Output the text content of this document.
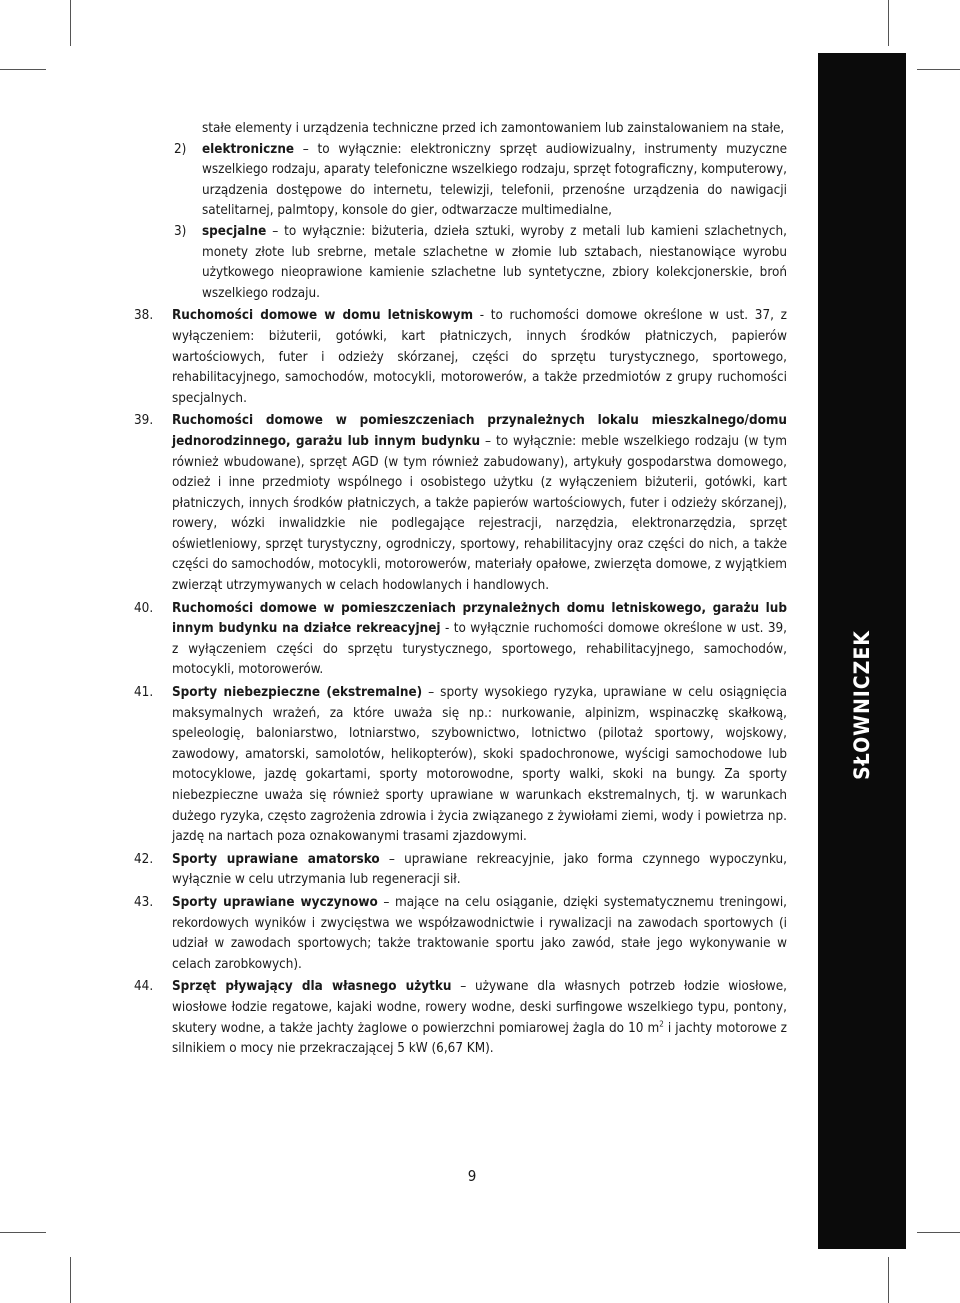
SŁOWNICZEK
stałe elementy i urządzenia techniczne przed ich zamontowaniem lub zainstalowaniem na stałe,
2) elektroniczne – to wyłącznie: elektroniczny sprzęt audiowizualny, instrumenty muzyczne wszelkiego rodzaju, aparaty telefoniczne wszelkiego rodzaju, sprzęt fotograficzny, komputerowy, urządzenia dostępowe do internetu, telewizji, telefonii, przenośne urządzenia do nawigacji satelitarnej, palmtopy, konsole do gier, odtwarzacze multimedialne,
3) specjalne – to wyłącznie: biżuteria, dzieła sztuki, wyroby z metali lub kamieni szlachetnych, monety złote lub srebrne, metale szlachetne w złomie lub sztabach, niestanowiące wyrobu użytkowego nieoprawione kamienie szlachetne lub syntetyczne, zbiory kolekcjonerskie, broń wszelkiego rodzaju.
38. Ruchomości domowe w domu letniskowym - to ruchomości domowe określone w ust. 37, z wyłączeniem: biżuterii, gotówki, kart płatniczych, innych środków płatniczych, papierów wartościowych, futer i odzieży skórzanej, części do sprzętu turystycznego, sportowego, rehabilitacyjnego, samochodów, motocykli, motorowerów, a także przedmiotów z grupy ruchomości specjalnych.
39. Ruchomości domowe w pomieszczeniach przynależnych lokalu mieszkalnego/domu jednorodzinnego, garażu lub innym budynku – to wyłącznie: meble wszelkiego rodzaju (w tym również wbudowane), sprzęt AGD (w tym również zabudowany), artykuły gospodarstwa domowego, odzież i inne przedmioty wspólnego i osobistego użytku (z wyłączeniem biżuterii, gotówki, kart płatniczych, innych środków płatniczych, a także papierów wartościowych, futer i odzieży skórzanej), rowery, wózki inwalidzkie nie podlegające rejestracji, narzędzia, elektronarzędzia, sprzęt oświetleniowy, sprzęt turystyczny, ogrodniczy, sportowy, rehabilitacyjny oraz części do nich, a także części do samochodów, motocykli, motorowerów, materiały opałowe, zwierzęta domowe, z wyjątkiem zwierząt utrzymywanych w celach hodowlanych i handlowych.
40. Ruchomości domowe w pomieszczeniach przynależnych domu letniskowego, garażu lub innym budynku na działce rekreacyjnej - to wyłącznie ruchomości domowe określone w ust. 39, z wyłączeniem części do sprzętu turystycznego, sportowego, rehabilitacyjnego, samochodów, motocykli, motorowerów.
41. Sporty niebezpieczne (ekstremalne) – sporty wysokiego ryzyka, uprawiane w celu osiągnięcia maksymalnych wrażeń, za które uważa się np.: nurkowanie, alpinizm, wspinaczkę skałkową, speleologię, baloniarstwo, lotniarstwo, szybownictwo, lotnictwo (pilotaż sportowy, wojskowy, zawodowy, amatorski, samolotów, helikopterów), skoki spadochronowe, wyścigi samochodowe lub motocyklowe, jazdę gokartami, sporty motorowodne, sporty walki, skoki na bungy. Za sporty niebezpieczne uważa się również sporty uprawiane w warunkach ekstremalnych, tj. w warunkach dużego ryzyka, często zagrożenia zdrowia i życia związanego z żywiołami ziemi, wody i powietrza np. jazdę na nartach poza oznakowanymi trasami zjazdowymi.
42. Sporty uprawiane amatorsko – uprawiane rekreacyjnie, jako forma czynnego wypoczynku, wyłącznie w celu utrzymania lub regeneracji sił.
43. Sporty uprawiane wyczynowo – mające na celu osiąganie, dzięki systematycznemu treningowi, rekordowych wyników i zwycięstwa we współzawodnictwie i rywalizacji na zawodach sportowych (i udział w zawodach sportowych; także traktowanie sportu jako zawód, stałe jego wykonywanie w celach zarobkowych).
44. Sprzęt pływający dla własnego użytku – używane dla własnych potrzeb łodzie wiosłowe, wiosłowe łodzie regatowe, kajaki wodne, rowery wodne, deski surfingowe wszelkiego typu, pontony, skutery wodne, a także jachty żaglowe o powierzchni pomiarowej żagla do 10 $m^2$ i jachty motorowe z silnikiem o mocy nie przekraczającej 5 kW (6,67 KM).
9
